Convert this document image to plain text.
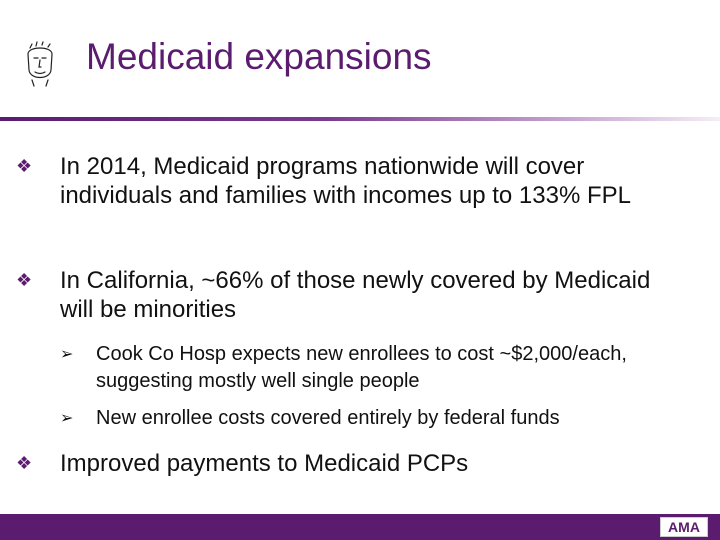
Medicaid expansions
❖ In 2014, Medicaid programs nationwide will cover individuals and families with incomes up to 133% FPL
❖ In California, ~66% of those newly covered by Medicaid will be minorities
➢ Cook Co Hosp expects new enrollees to cost ~$2,000/each, suggesting mostly well single people
➢ New enrollee costs covered entirely by federal funds
❖ Improved payments to Medicaid PCPs
AMA
